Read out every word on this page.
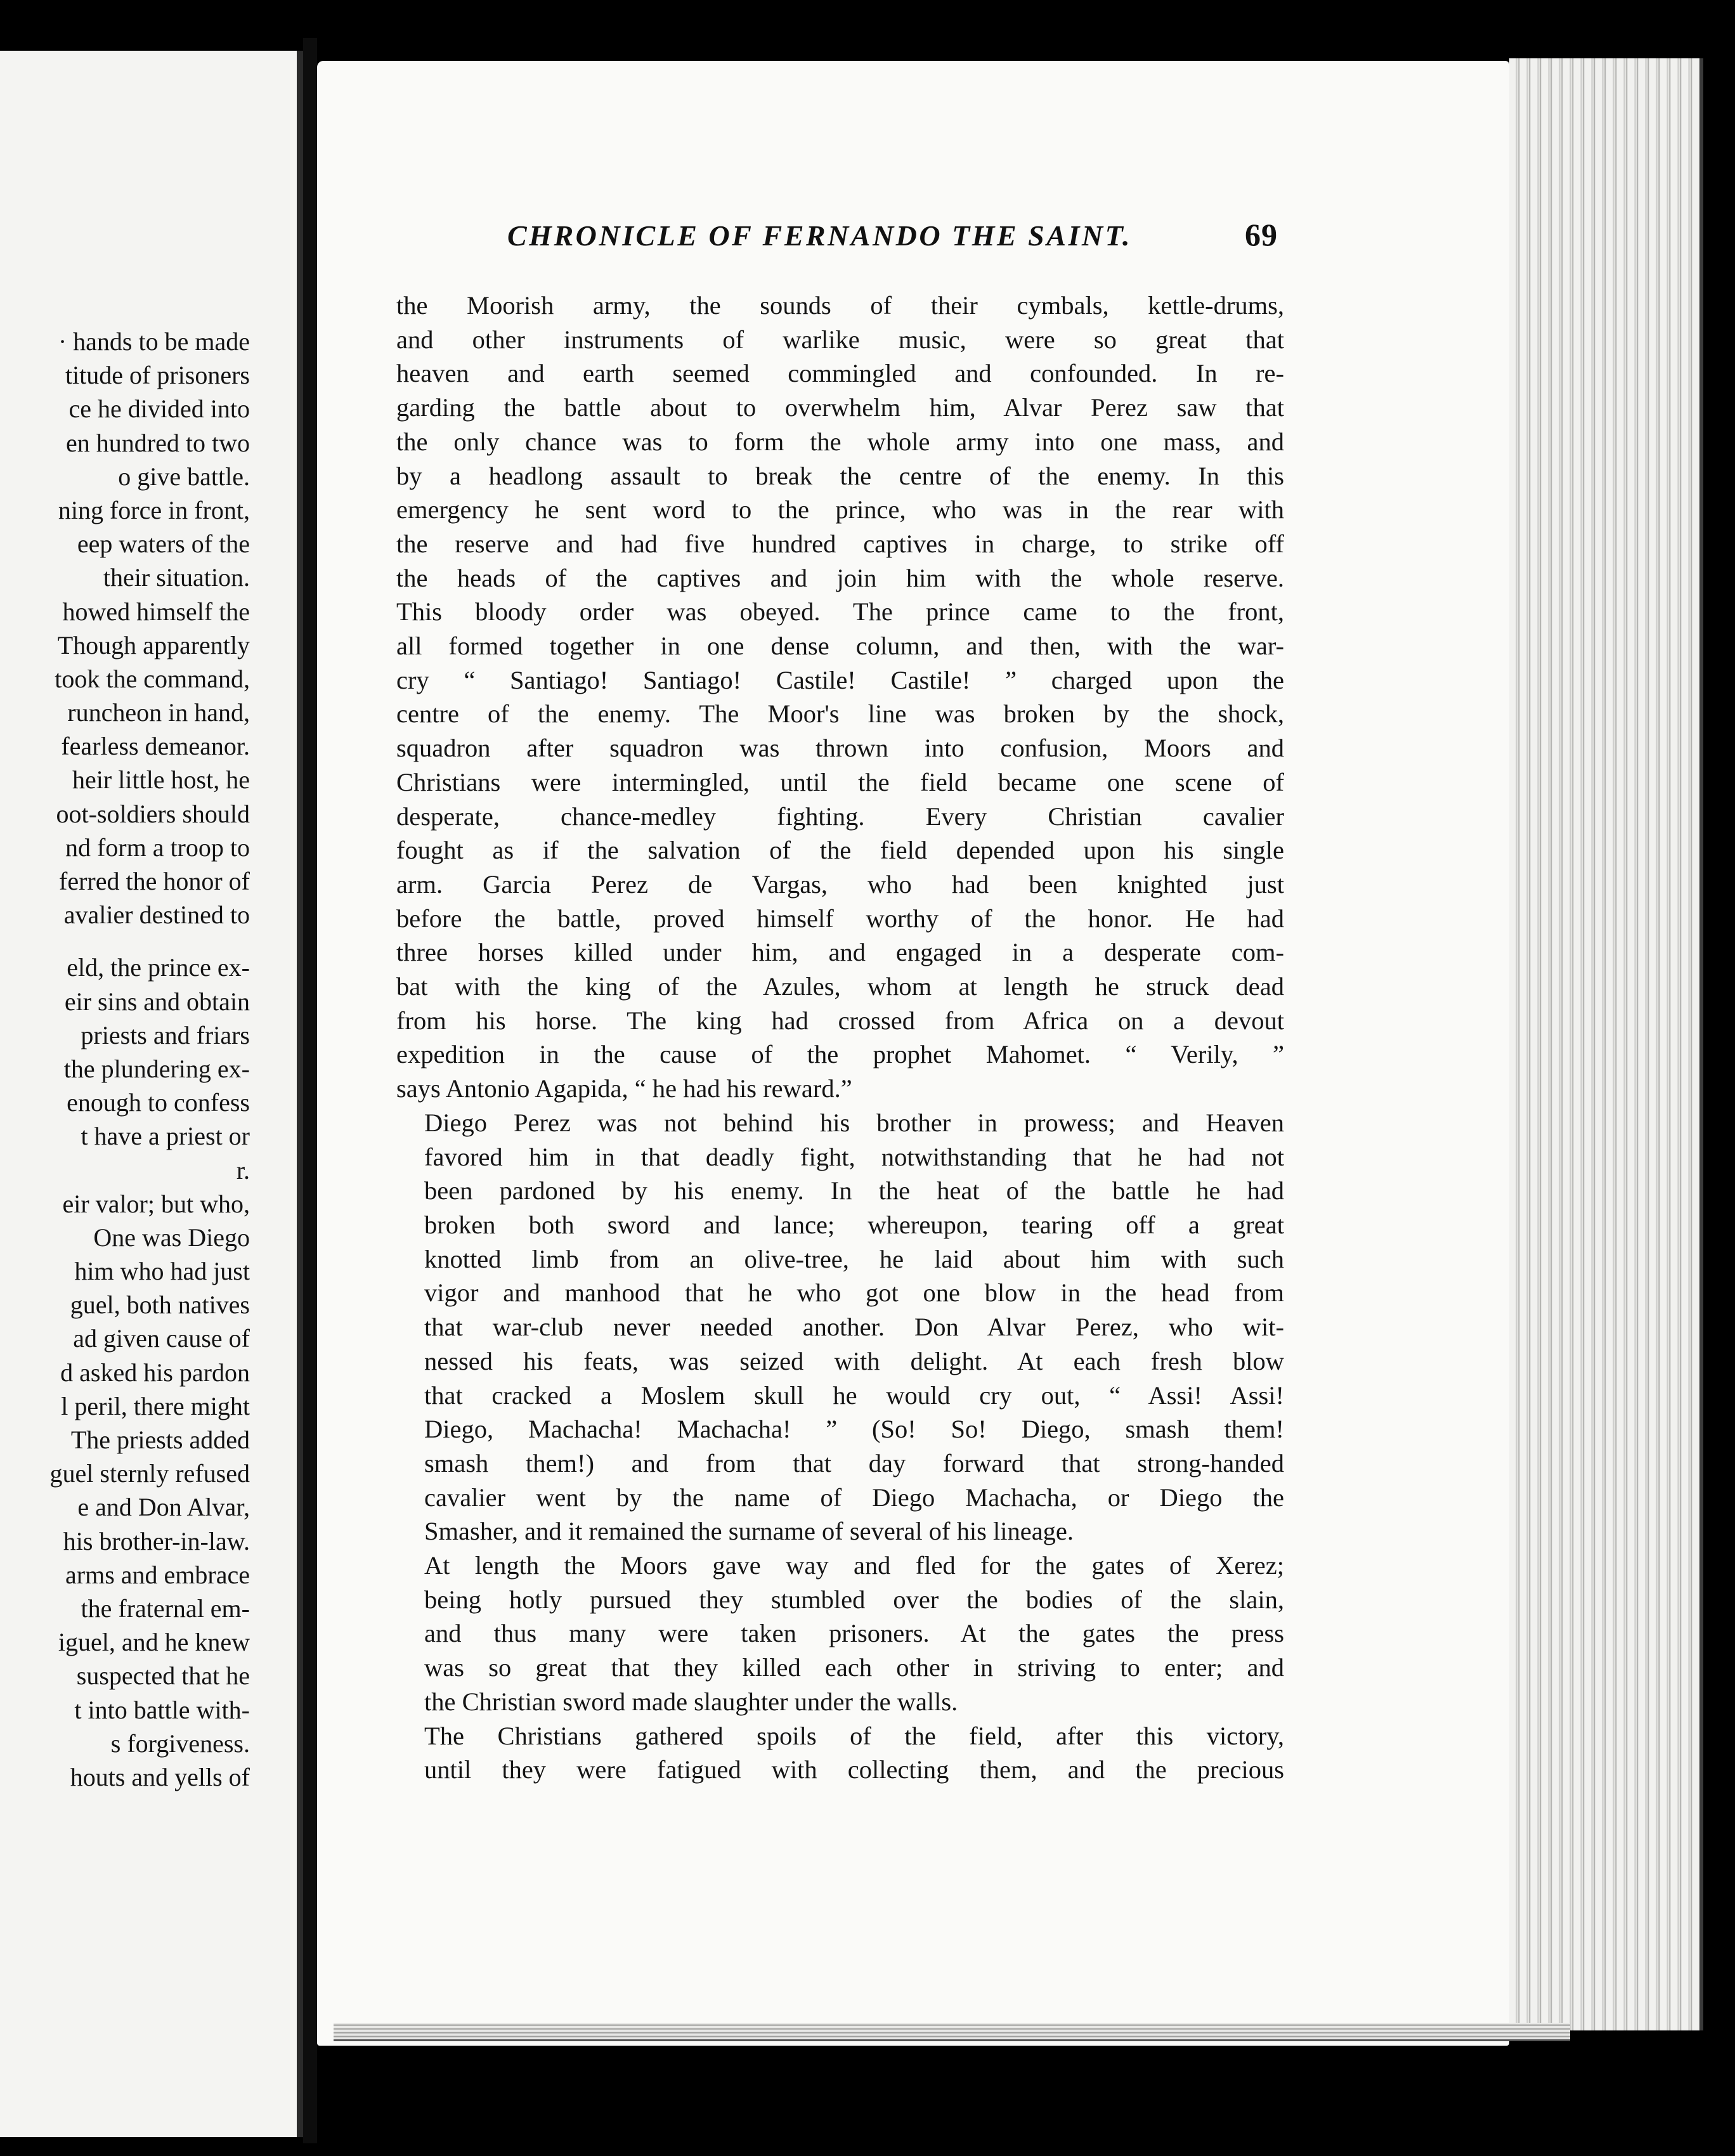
· hands to be made
titude of prisoners
ce he divided into
en hundred to two
o give battle.
ning force in front,
eep waters of the
their situation.
howed himself the
Though apparently
took the command,
runcheon in hand,
fearless demeanor.
heir little host, he
oot-soldiers should
nd form a troop to
ferred the honor of
avalier destined to
eld, the prince ex-
eir sins and obtain
priests and friars
the plundering ex-
enough to confess
t have a priest or
r.
eir valor; but who,
One was Diego
him who had just
guel, both natives
ad given cause of
d asked his pardon
l peril, there might
The priests added
guel sternly refused
e and Don Alvar,
his brother-in-law.
arms and embrace
the fraternal em-
iguel, and he knew
suspected that he
t into battle with-
s forgiveness.
houts and yells of
CHRONICLE OF FERNANDO THE SAINT.	69

the Moorish army, the sounds of their cymbals, kettle-drums,
and other instruments of warlike music, were so great that
heaven and earth seemed commingled and confounded. In re-
garding the battle about to overwhelm him, Alvar Perez saw that
the only chance was to form the whole army into one mass, and
by a headlong assault to break the centre of the enemy. In this
emergency he sent word to the prince, who was in the rear with
the reserve and had five hundred captives in charge, to strike off
the heads of the captives and join him with the whole reserve.
This bloody order was obeyed. The prince came to the front,
all formed together in one dense column, and then, with the war-
cry “ Santiago! Santiago! Castile! Castile! ” charged upon the
centre of the enemy. The Moor's line was broken by the shock,
squadron after squadron was thrown into confusion, Moors and
Christians were intermingled, until the field became one scene of
desperate, chance-medley fighting. Every Christian cavalier
fought as if the salvation of the field depended upon his single
arm. Garcia Perez de Vargas, who had been knighted just
before the battle, proved himself worthy of the honor. He had
three horses killed under him, and engaged in a desperate com-
bat with the king of the Azules, whom at length he struck dead
from his horse. The king had crossed from Africa on a devout
expedition in the cause of the prophet Mahomet. “ Verily, ”
says Antonio Agapida, “ he had his reward.”

Diego Perez was not behind his brother in prowess; and Heaven
favored him in that deadly fight, notwithstanding that he had not
been pardoned by his enemy. In the heat of the battle he had
broken both sword and lance; whereupon, tearing off a great
knotted limb from an olive-tree, he laid about him with such
vigor and manhood that he who got one blow in the head from
that war-club never needed another. Don Alvar Perez, who wit-
nessed his feats, was seized with delight. At each fresh blow
that cracked a Moslem skull he would cry out, “ Assi! Assi!
Diego, Machacha! Machacha! ” (So! So! Diego, smash them!
smash them!) and from that day forward that strong-handed
cavalier went by the name of Diego Machacha, or Diego the
Smasher, and it remained the surname of several of his lineage.

At length the Moors gave way and fled for the gates of Xerez;
being hotly pursued they stumbled over the bodies of the slain,
and thus many were taken prisoners. At the gates the press
was so great that they killed each other in striving to enter; and
the Christian sword made slaughter under the walls.

The Christians gathered spoils of the field, after this victory,
until they were fatigued with collecting them, and the precious
